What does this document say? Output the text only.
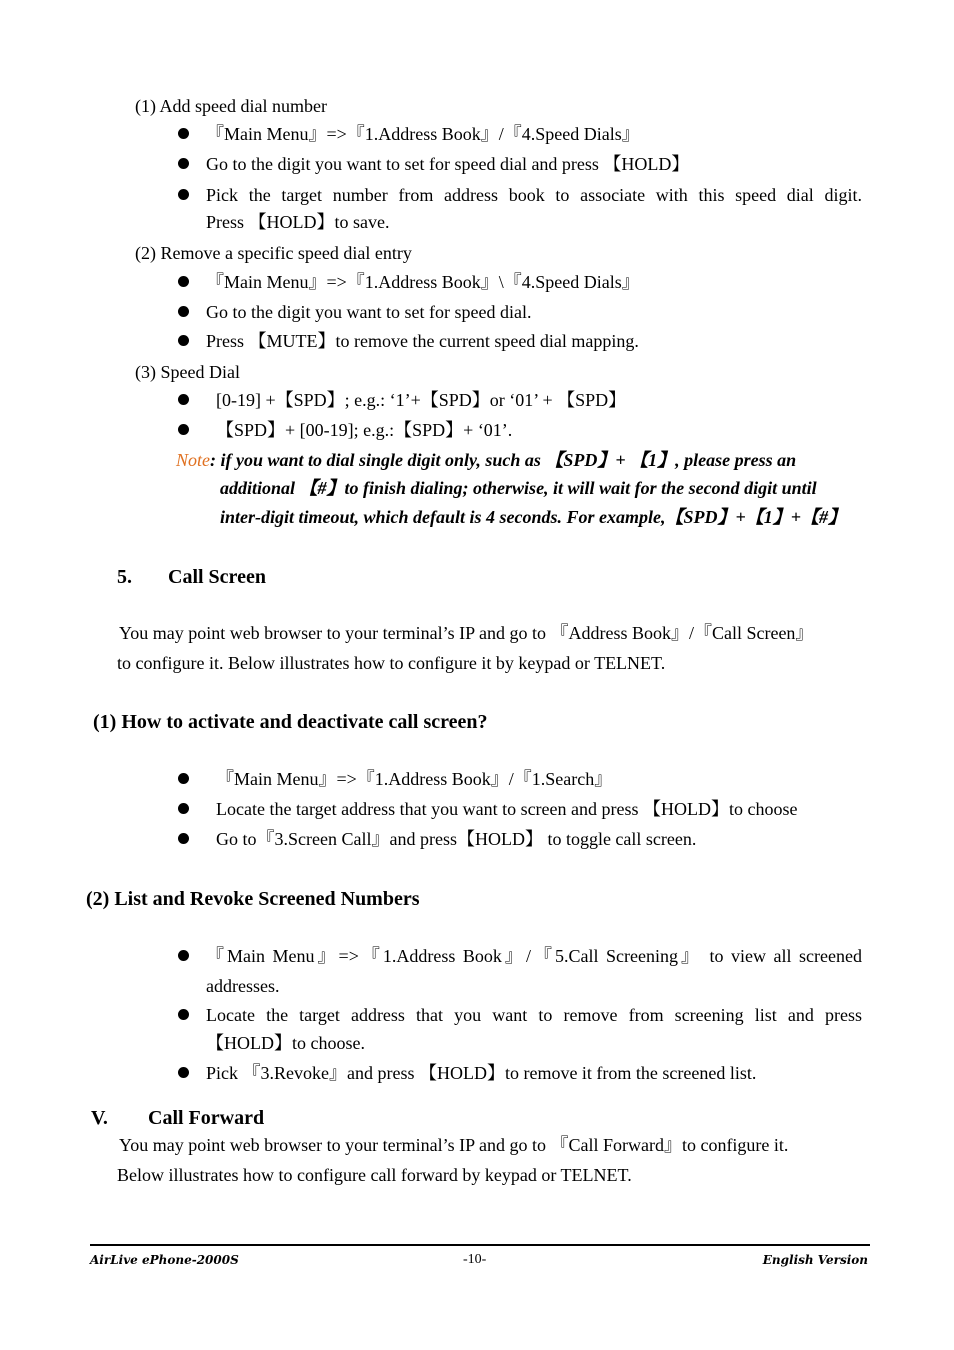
(1) Add speed dial number
『Main Menu』=>『1.Address Book』/『4.Speed Dials』
Go to the digit you want to set for speed dial and press 【HOLD】
Pick the target number from address book to associate with this speed dial digit.
Press 【HOLD】to save.
(2) Remove a specific speed dial entry
『Main Menu』=>『1.Address Book』\『4.Speed Dials』
Go to the digit you want to set for speed dial.
Press 【MUTE】to remove the current speed dial mapping.
(3) Speed Dial
[0-19] +【SPD】; e.g.: ‘1’+【SPD】or ‘01’ + 【SPD】
【SPD】+ [00-19]; e.g.:【SPD】+ ‘01’.
Note: if you want to dial single digit only, such as 【SPD】+ 【1】, please press an
additional 【#】to finish dialing; otherwise, it will wait for the second digit until
inter-digit timeout, which default is 4 seconds. For example,【SPD】+【1】+【#】
5. Call Screen
You may point web browser to your terminal’s IP and go to 『Address Book』/『Call Screen』
to configure it. Below illustrates how to configure it by keypad or TELNET.
(1) How to activate and deactivate call screen?
『Main Menu』=>『1.Address Book』/『1.Search』
Locate the target address that you want to screen and press 【HOLD】to choose
Go to『3.Screen Call』and press【HOLD】 to toggle call screen.
(2) List and Revoke Screened Numbers
『Main Menu』=>『1.Address Book』/『5.Call Screening』 to view all screened
addresses.
Locate the target address that you want to remove from screening list and press
【HOLD】to choose.
Pick 『3.Revoke』and press 【HOLD】to remove it from the screened list.
V. Call Forward
You may point web browser to your terminal’s IP and go to 『Call Forward』to configure it.
Below illustrates how to configure call forward by keypad or TELNET.
AirLive ePhone-2000S	-10-	English Version
